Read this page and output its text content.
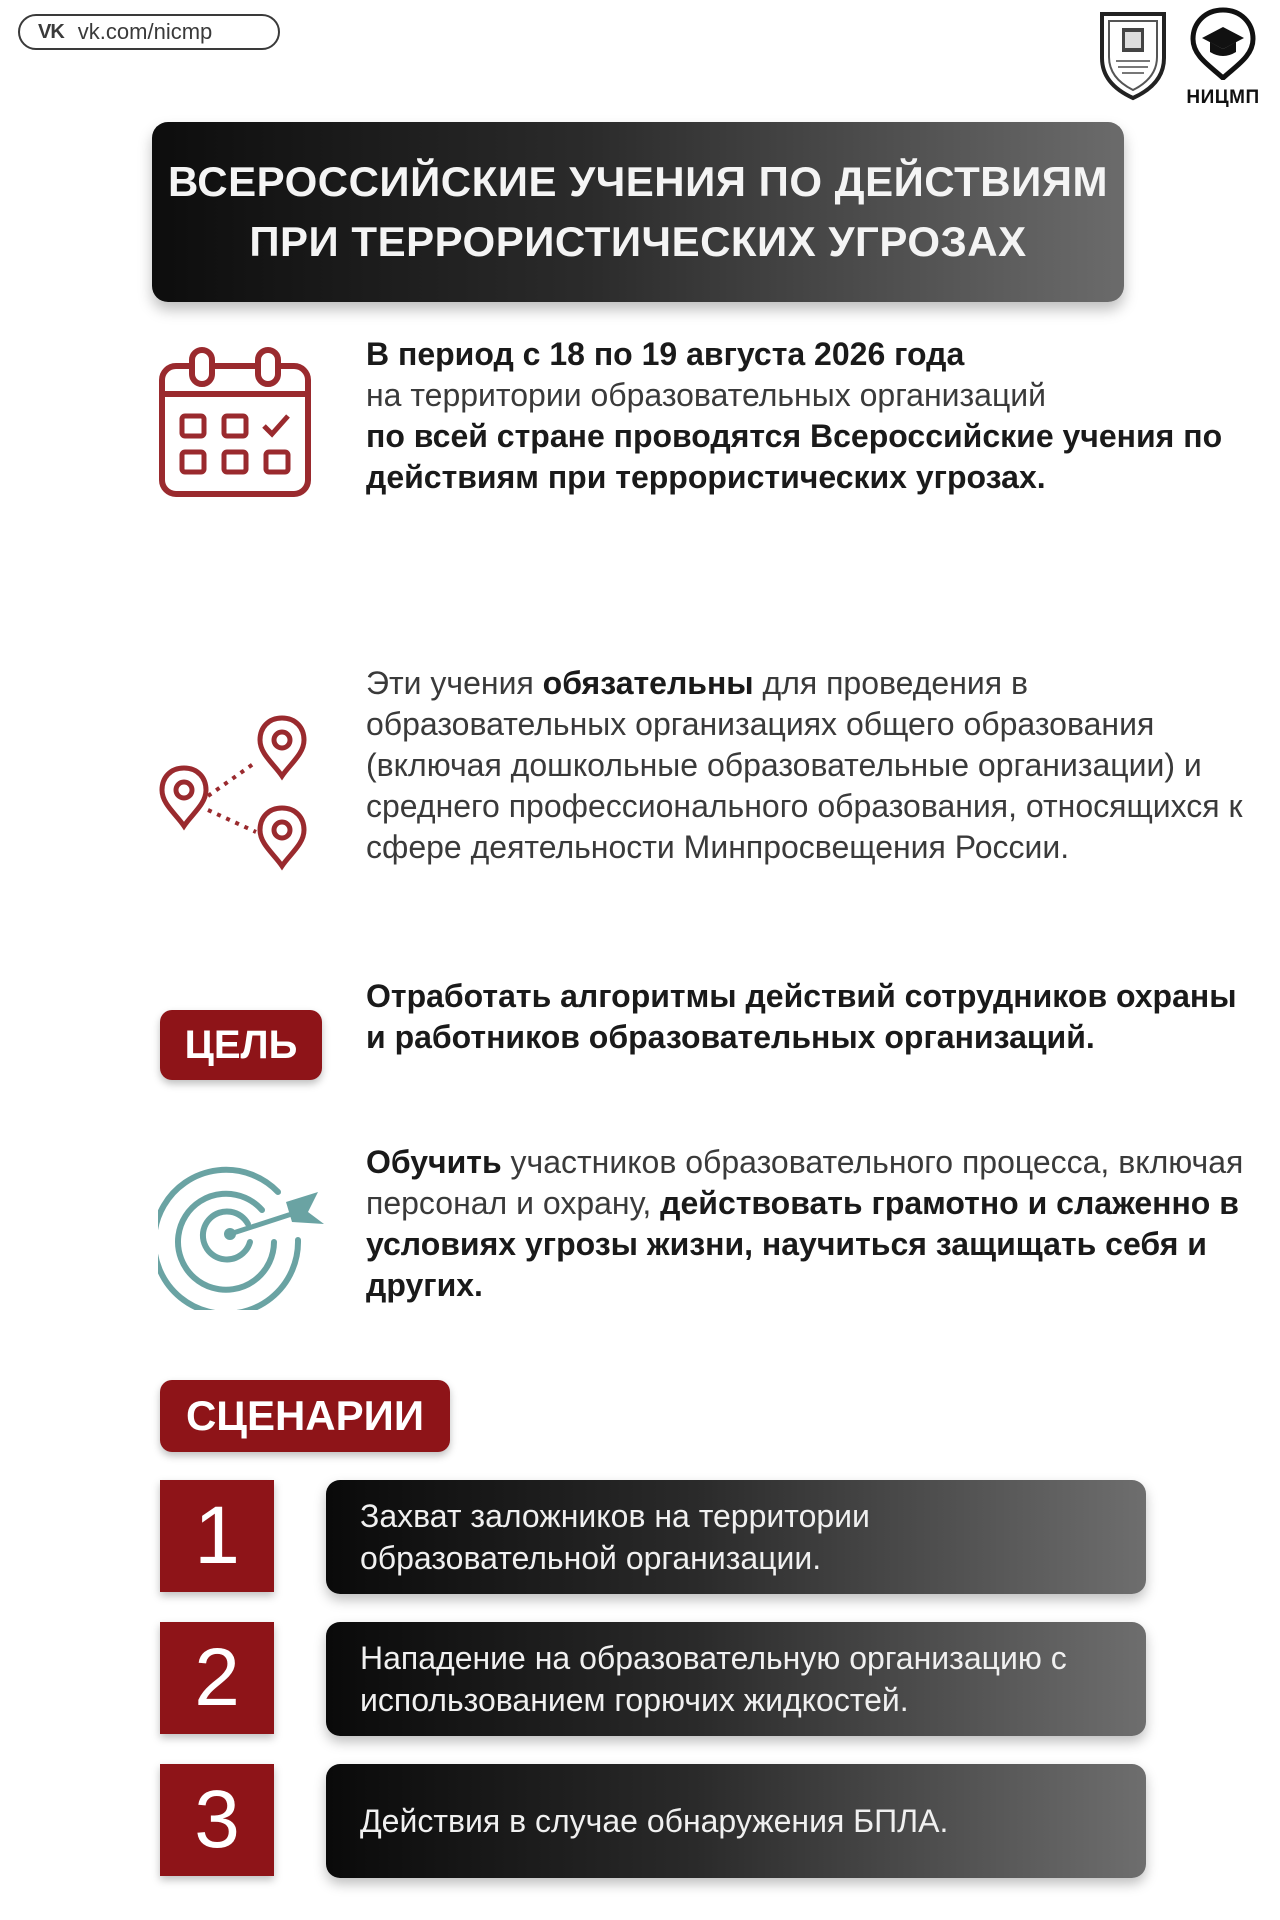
VK vk.com/nicmp
НИЦМП
ВСЕРОССИЙСКИЕ УЧЕНИЯ ПО ДЕЙСТВИЯМ
ПРИ ТЕРРОРИСТИЧЕСКИХ УГРОЗАХ
В период с 18 по 19 августа 2026 года
на территории образовательных организаций
по всей стране проводятся Всероссийские учения по действиям при террористических угрозах.
Эти учения обязательны для проведения в образовательных организациях общего образования (включая дошкольные образовательные организации) и среднего профессионального образования, относящихся к сфере деятельности Минпросвещения России.
ЦЕЛЬ
Отработать алгоритмы действий сотрудников охраны и работников образовательных организаций.
Обучить участников образовательного процесса, включая персонал и охрану, действовать грамотно и слаженно в условиях угрозы жизни, научиться защищать себя и других.
СЦЕНАРИИ
1	Захват заложников на территории образовательной организации.
2	Нападение на образовательную организацию с использованием горючих жидкостей.
3	Действия в случае обнаружения БПЛА.
